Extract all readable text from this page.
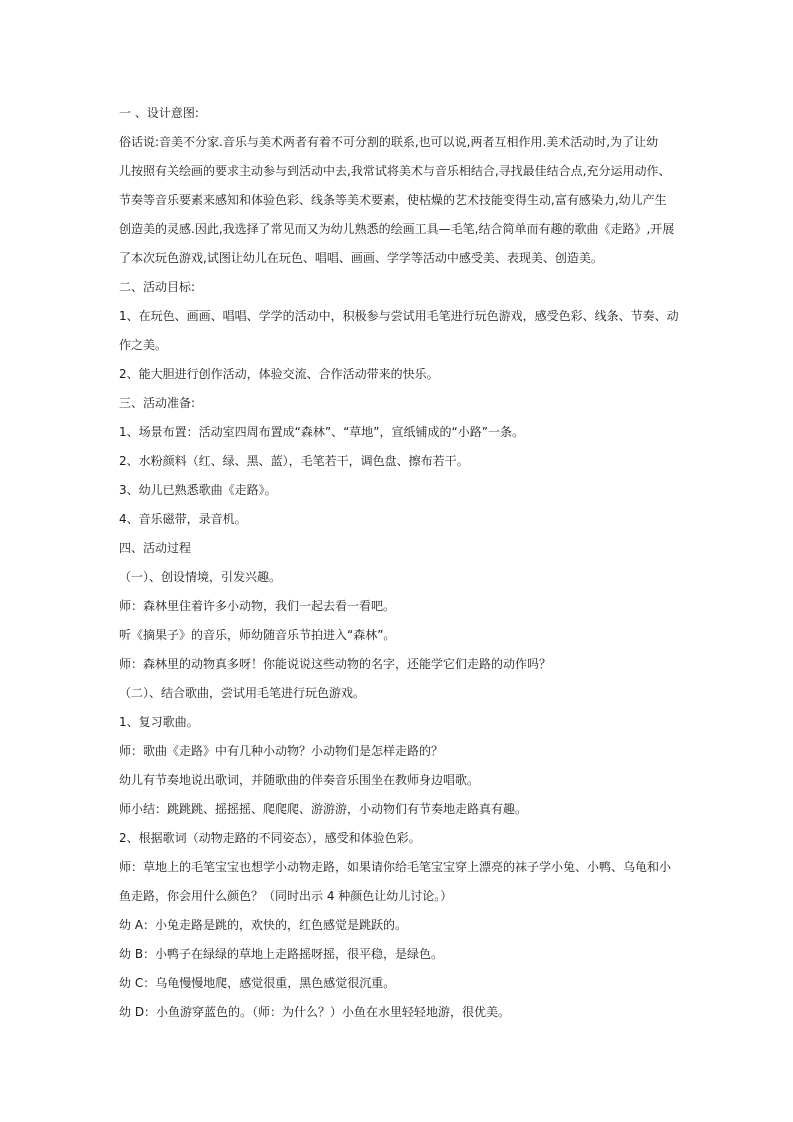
一 、设计意图:
俗话说:音美不分家.音乐与美术两者有着不可分割的联系,也可以说,两者互相作用.美术活动时,为了让幼
儿按照有关绘画的要求主动参与到活动中去,我常试将美术与音乐相结合,寻找最佳结合点,充分运用动作、
节奏等音乐要素来感知和体验色彩、线条等美术要素，使枯燥的艺术技能变得生动,富有感染力,幼儿产生
创造美的灵感.因此,我选择了常见而又为幼儿熟悉的绘画工具—毛笔,结合简单而有趣的歌曲《走路》,开展
了本次玩色游戏,试图让幼儿在玩色、唱唱、画画、学学等活动中感受美、表现美、创造美。
二、活动目标:
1、在玩色、画画、唱唱、学学的活动中，积极参与尝试用毛笔进行玩色游戏，感受色彩、线条、节奏、动
作之美。
2、能大胆进行创作活动，体验交流、合作活动带来的快乐。
三、活动准备:
1、场景布置：活动室四周布置成“森林”、“草地”，宣纸铺成的“小路”一条。
2、水粉颜料（红、绿、黑、蓝），毛笔若干，调色盘、擦布若干。
3、幼儿已熟悉歌曲《走路》。
4、音乐磁带，录音机。
四、活动过程
（一）、创设情境，引发兴趣。
师：森林里住着许多小动物，我们一起去看一看吧。
听《摘果子》的音乐，师幼随音乐节拍进入“森林”。
师：森林里的动物真多呀！你能说说这些动物的名字，还能学它们走路的动作吗？
（二）、结合歌曲，尝试用毛笔进行玩色游戏。
1、复习歌曲。
师：歌曲《走路》中有几种小动物？小动物们是怎样走路的？
幼儿有节奏地说出歌词，并随歌曲的伴奏音乐围坐在教师身边唱歌。
师小结：跳跳跳、摇摇摇、爬爬爬、游游游，小动物们有节奏地走路真有趣。
2、根据歌词（动物走路的不同姿态），感受和体验色彩。
师：草地上的毛笔宝宝也想学小动物走路，如果请你给毛笔宝宝穿上漂亮的袜子学小兔、小鸭、乌龟和小
鱼走路，你会用什么颜色？（同时出示 4 种颜色让幼儿讨论。）
幼 A：小兔走路是跳的，欢快的，红色感觉是跳跃的。
幼 B：小鸭子在绿绿的草地上走路摇呀摇，很平稳，是绿色。
幼 C：乌龟慢慢地爬，感觉很重，黑色感觉很沉重。
幼 D：小鱼游穿蓝色的。（师：为什么？）小鱼在水里轻轻地游，很优美。
